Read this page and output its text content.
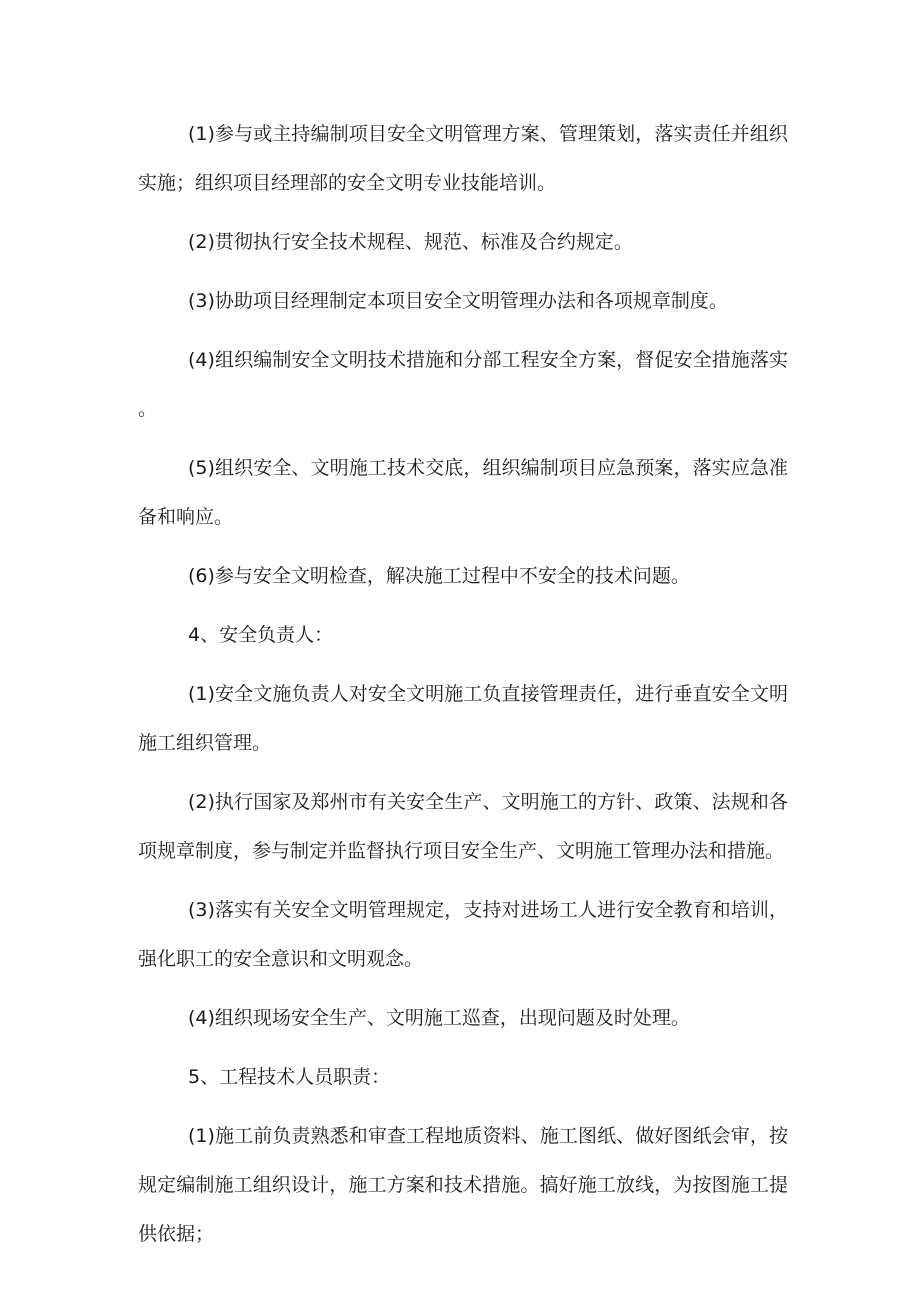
(1)参与或主持编制项目安全文明管理方案、管理策划，落实责任并组织实施；组织项目经理部的安全文明专业技能培训。

(2)贯彻执行安全技术规程、规范、标准及合约规定。

(3)协助项目经理制定本项目安全文明管理办法和各项规章制度。

(4)组织编制安全文明技术措施和分部工程安全方案，督促安全措施落实。

(5)组织安全、文明施工技术交底，组织编制项目应急预案，落实应急准备和响应。

(6)参与安全文明检查，解决施工过程中不安全的技术问题。

4、安全负责人：

(1)安全文施负责人对安全文明施工负直接管理责任，进行垂直安全文明施工组织管理。

(2)执行国家及郑州市有关安全生产、文明施工的方针、政策、法规和各项规章制度，参与制定并监督执行项目安全生产、文明施工管理办法和措施。

(3)落实有关安全文明管理规定，支持对进场工人进行安全教育和培训，强化职工的安全意识和文明观念。

(4)组织现场安全生产、文明施工巡查，出现问题及时处理。

5、工程技术人员职责：

(1)施工前负责熟悉和审查工程地质资料、施工图纸、做好图纸会审，按规定编制施工组织设计，施工方案和技术措施。搞好施工放线，为按图施工提供依据；
